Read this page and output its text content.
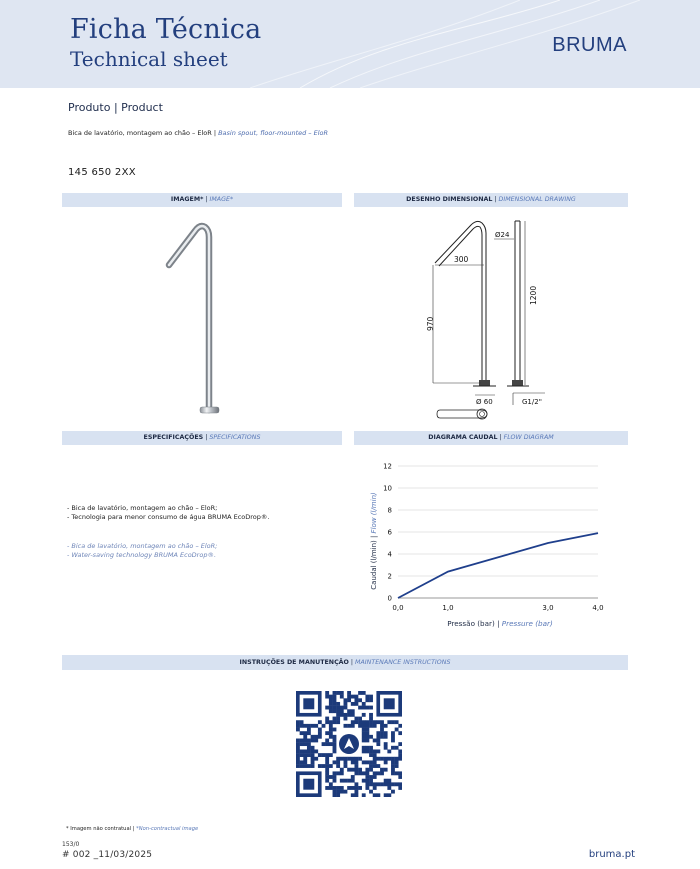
Ficha Técnica
Technical sheet
BRUMA
Produto | Product
Bica de lavatório, montagem ao chão – EloR | Basin spout, floor-mounted – EloR
145 650 2XX
IMAGEM* | IMAGE*	DESENHO DIMENSIONAL | DIMENSIONAL DRAWING
ESPECIFICAÇÕES | SPECIFICATIONS	DIAGRAMA CAUDAL | FLOW DIAGRAM
INSTRUÇÕES DE MANUTENÇÃO | MAINTENANCE INSTRUCTIONS
300
970
1200
Ø24
Ø 60	G1/2"
- Bica de lavatório, montagem ao chão – EloR;
- Tecnologia para menor consumo de água BRUMA EcoDrop®.
- Bica de lavatório, montagem ao chão – EloR;
- Water-saving technology BRUMA EcoDrop®.
0
2
4
6
8
10
12
0,0	1,0	3,0	4,0
Caudal (l/min) | Flow (l/min)
Pressão (bar) | Pressure (bar)
* Imagem não contratual | *Non-contractual image
153/0
# 002 _11/03/2025	bruma.pt
